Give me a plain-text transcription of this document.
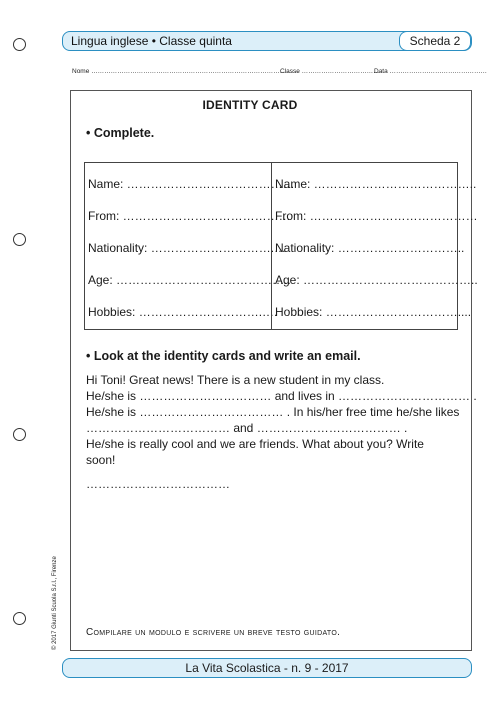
Lingua inglese • Classe quinta	Scheda 2
Nome ……………………………………………………………………………………
Classe ………………………………
Data ………………………………………
IDENTITY CARD
• Complete.
Name: ……………………………………
From: ……………………………………
Nationality: ………………………….…
Age: ……………………………………..
Hobbies: ………………………….….
Name: …………………………………..
From: ……………………………………
Nationality: …………………………..
Age: ……………………………………..
Hobbies: ……………………………....
• Look at the identity cards and write an email.
Hi Toni! Great news! There is a new student in my class.
He/she is …………………………… and lives in …………………………… .
He/she is ……………………………… . In his/her free time he/she likes
……………………………… and ……………………………… .
He/she is really cool and we are friends. What about you? Write
soon!
………………………………
Compilare un modulo e scrivere un breve testo guidato.
© 2017 Giunti Scuola S.r.l., Firenze
La Vita Scolastica - n. 9 - 2017
